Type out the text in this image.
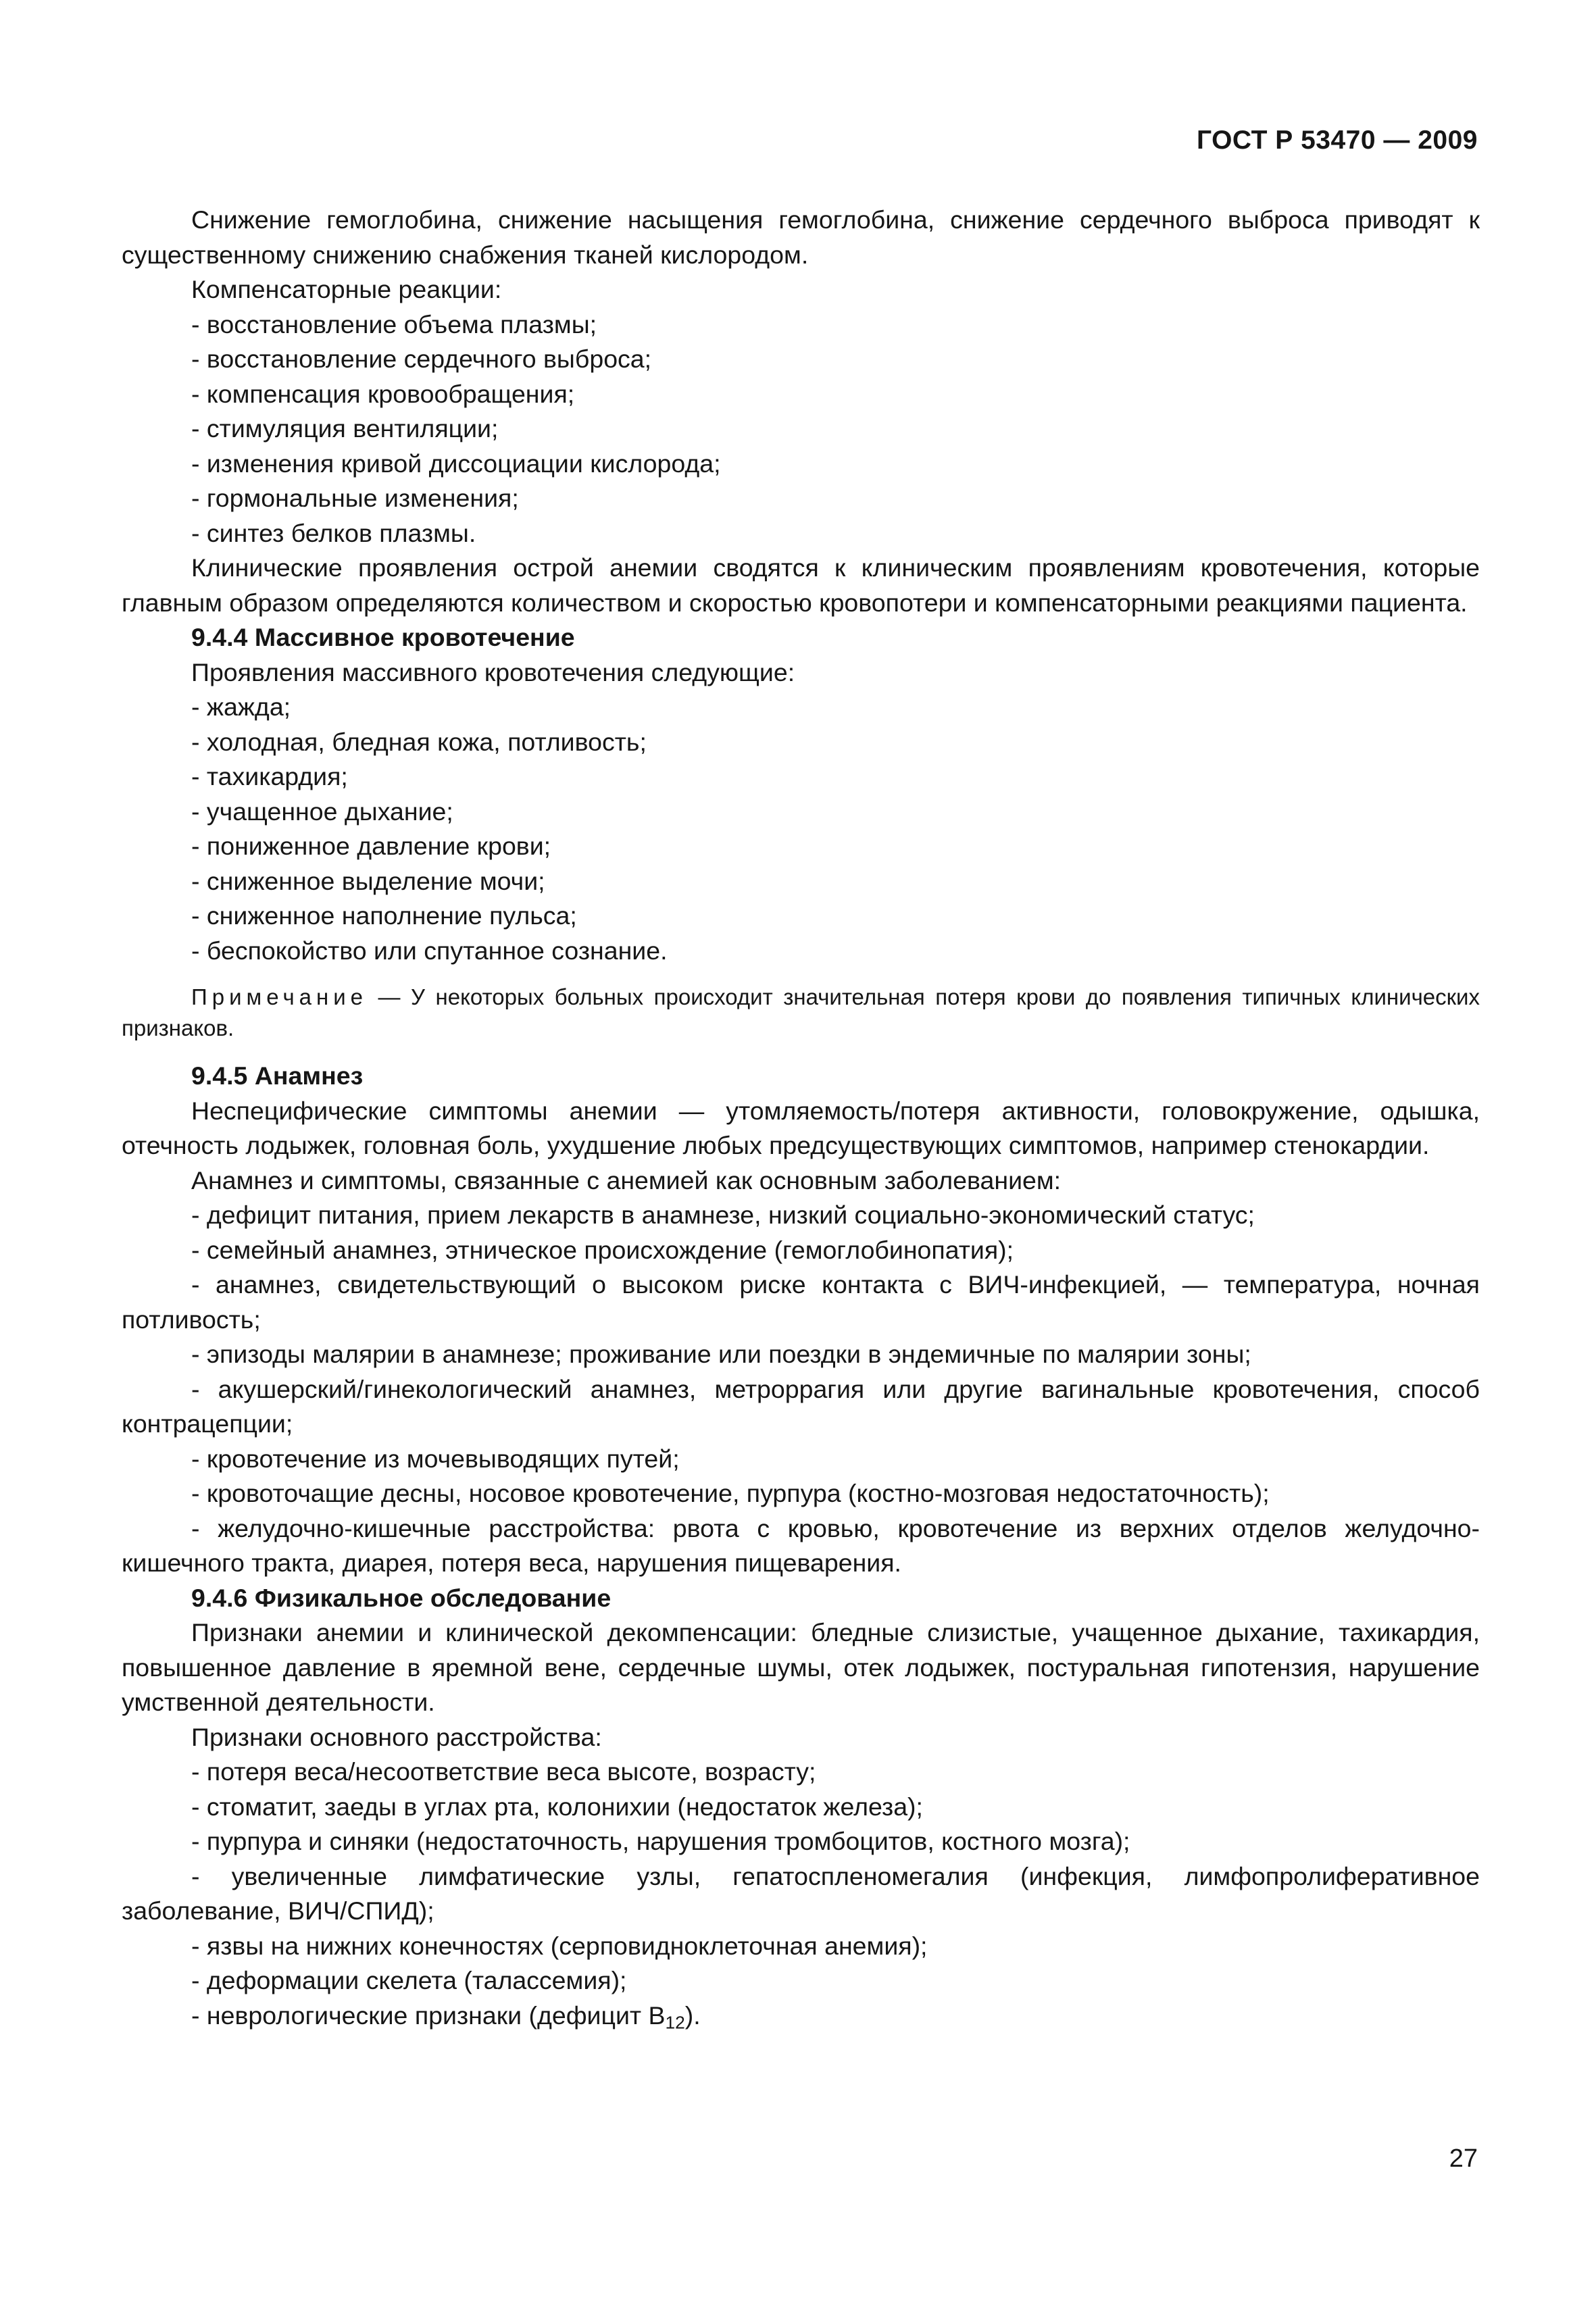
ГОСТ Р 53470 — 2009

Снижение гемоглобина, снижение насыщения гемоглобина, снижение сердечного выброса приводят к существенному снижению снабжения тканей кислородом.

Компенсаторные реакции:

- восстановление объема плазмы;

- восстановление сердечного выброса;

- компенсация кровообращения;

- стимуляция вентиляции;

- изменения кривой диссоциации кислорода;

- гормональные изменения;

- синтез белков плазмы.

Клинические проявления острой анемии сводятся к клиническим проявлениям кровотечения, которые главным образом определяются количеством и скоростью кровопотери и компенсаторными реакциями пациента.

9.4.4 Массивное кровотечение

Проявления массивного кровотечения следующие:

- жажда;

- холодная, бледная кожа, потливость;

- тахикардия;

- учащенное дыхание;

- пониженное давление крови;

- сниженное выделение мочи;

- сниженное наполнение пульса;

- беспокойство или спутанное сознание.

Примечание — У некоторых больных происходит значительная потеря крови до появления типичных клинических признаков.

9.4.5 Анамнез

Неспецифические симптомы анемии — утомляемость/потеря активности, головокружение, одышка, отечность лодыжек, головная боль, ухудшение любых предсуществующих симптомов, например стенокардии.

Анамнез и симптомы, связанные с анемией как основным заболеванием:

- дефицит питания, прием лекарств в анамнезе, низкий социально-экономический статус;

- семейный анамнез, этническое происхождение (гемоглобинопатия);

- анамнез, свидетельствующий о высоком риске контакта с ВИЧ-инфекцией, — температура, ночная потливость;

- эпизоды малярии в анамнезе; проживание или поездки в эндемичные по малярии зоны;

- акушерский/гинекологический анамнез, метроррагия или другие вагинальные кровотечения, способ контрацепции;

- кровотечение из мочевыводящих путей;

- кровоточащие десны, носовое кровотечение, пурпура (костно-мозговая недостаточность);

- желудочно-кишечные расстройства: рвота с кровью, кровотечение из верхних отделов желудочно-кишечного тракта, диарея, потеря веса, нарушения пищеварения.

9.4.6 Физикальное обследование

Признаки анемии и клинической декомпенсации: бледные слизистые, учащенное дыхание, тахикардия, повышенное давление в яремной вене, сердечные шумы, отек лодыжек, постуральная гипотензия, нарушение умственной деятельности.

Признаки основного расстройства:

- потеря веса/несоответствие веса высоте, возрасту;

- стоматит, заеды в углах рта, колонихии (недостаток железа);

- пурпура и синяки (недостаточность, нарушения тромбоцитов, костного мозга);

- увеличенные лимфатические узлы, гепатоспленомегалия (инфекция, лимфопролиферативное заболевание, ВИЧ/СПИД);

- язвы на нижних конечностях (серповидноклеточная анемия);

- деформации скелета (талассемия);

- неврологические признаки (дефицит $В_{12}$).

27
